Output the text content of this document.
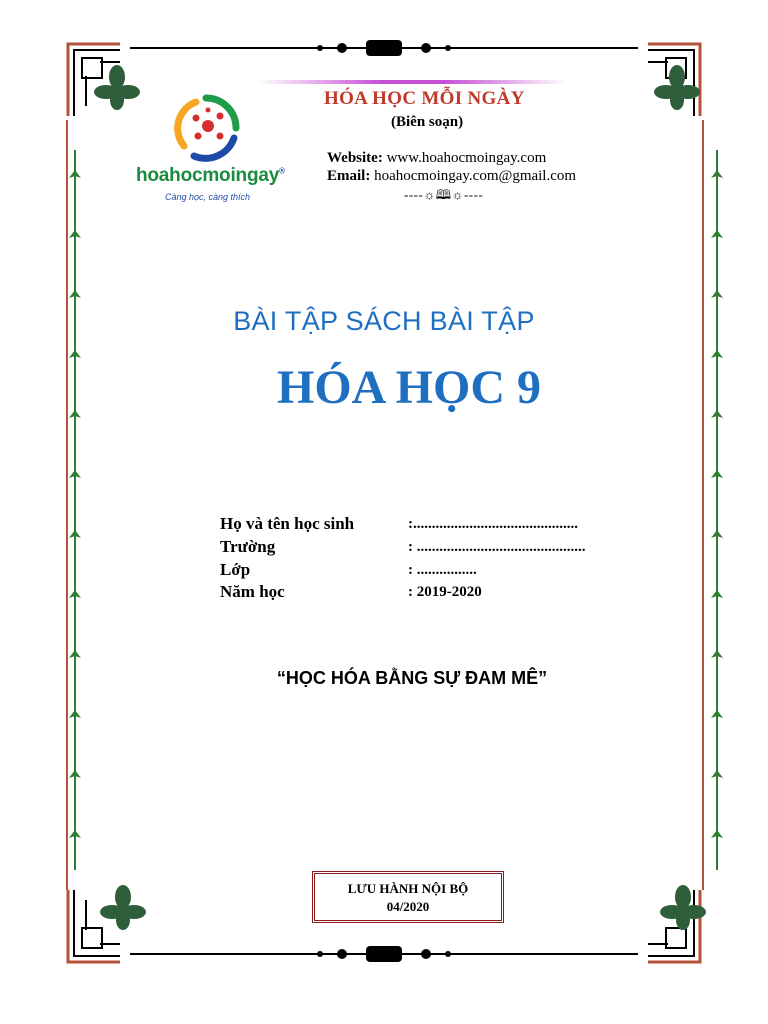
HÓA HỌC MỖI NGÀY
(Biên soạn)
Website: www.hoahocmoingay.com
Email: hoahocmoingay.com@gmail.com
----☼🕮☼----
hoahocmoingay®
Càng học, càng thích
BÀI TẬP SÁCH BÀI TẬP
HÓA HỌC 9
Họ và tên học sinh	:............................................
Trường	: .............................................
Lớp	: ................
Năm học	: 2019-2020
“HỌC HÓA BẰNG SỰ ĐAM MÊ”
LƯU HÀNH NỘI BỘ
04/2020
